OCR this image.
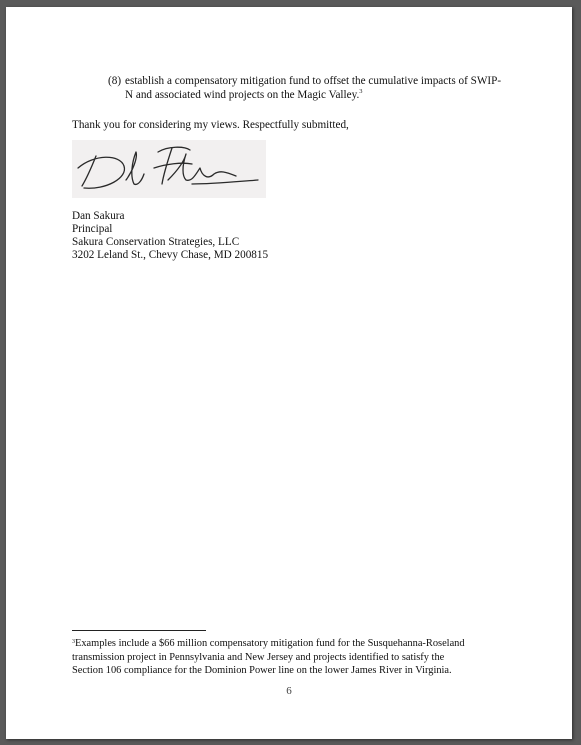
(8) establish a compensatory mitigation fund to offset the cumulative impacts of SWIP-
N and associated wind projects on the Magic Valley.$^3$
Thank you for considering my views. Respectfully submitted,
Dan Sakura
Principal
Sakura Conservation Strategies, LLC
3202 Leland St., Chevy Chase, MD 200815
$^3$Examples include a $66 million compensatory mitigation fund for the Susquehanna-Roseland
transmission project in Pennsylvania and New Jersey and projects identified to satisfy the
Section 106 compliance for the Dominion Power line on the lower James River in Virginia.
6
